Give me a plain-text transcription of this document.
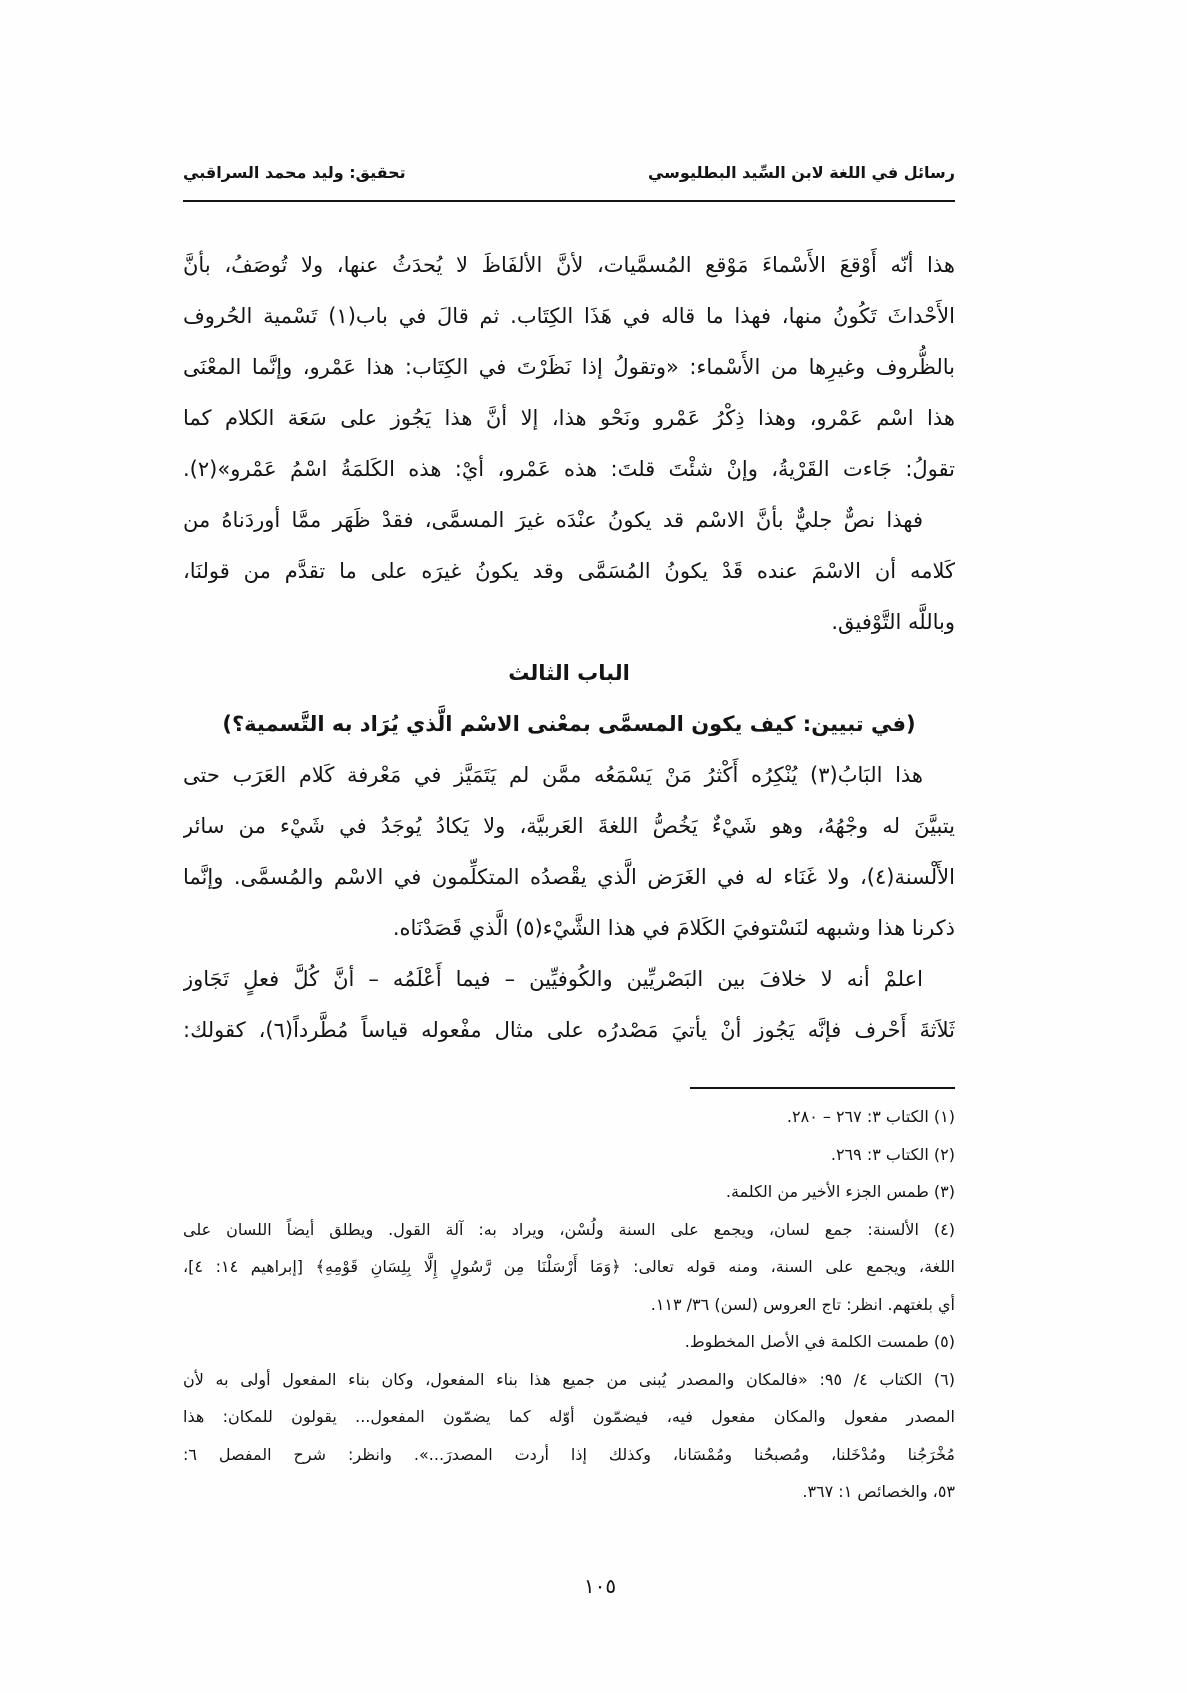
رسائل في اللغة لابن السِّيد البطليوسي
تحقيق: وليد محمد السراقبي
هذا أنّه أَوْقعَ الأَسْماءَ مَوْقع المُسمَّيات، لأنَّ الألفَاظَ لا يُحدَثُ عنها، ولا تُوصَفُ، بأنَّ
الأَحْداثَ تَكُونُ منها، فهذا ما قاله في هَذَا الكِتَاب. ثم قالَ في باب(١) تَسْمية الحُروف
بالظُّروف وغيرِها من الأَسْماء: «وتقولُ إذا نَظَرْتَ في الكِتَاب: هذا عَمْرو، وإنَّما المعْنَى
هذا اسْم عَمْرو، وهذا ذِكْرُ عَمْرو ونَحْو هذا، إلا أنَّ هذا يَجُوز على سَعَة الكلام كما
تقولُ: جَاءت القَرْيةُ، وإنْ شئْتَ قلتَ: هذه عَمْرو، أيْ: هذه الكَلمَةُ اسْمُ عَمْرو»(٢).
فهذا نصٌّ جليٌّ بأنَّ الاسْم قد يكونُ عنْدَه غيرَ المسمَّى، فقدْ ظَهَر ممَّا أوردَناهُ من
كَلامه أن الاسْمَ عنده قَدْ يكونُ المُسَمَّى وقد يكونُ غيرَه على ما تقدَّم من قولنَا،
وباللَّه التَّوْفيق.
الباب الثالث
(في تبيين: كيف يكون المسمَّى بمعْنى الاسْم الَّذي يُرَاد به التَّسمية؟)
هذا البَابُ(٣) يُنْكِرُه أَكْثرُ مَنْ يَسْمَعُه ممَّن لم يَتَمَيَّز في مَعْرفة كَلام العَرَب حتى
يتبيَّنَ له وجْهُهُ، وهو شَيْءٌ يَخُصُّ اللغةَ العَربيَّة، ولا يَكادُ يُوجَدُ في شَيْء من سائر
الأَلْسنة(٤)، ولا غَنَاء له في الغَرَض الَّذي يقْصدُه المتكلِّمون في الاسْم والمُسمَّى. وإنَّما
ذكرنا هذا وشبهه لنَسْتوفيَ الكَلامَ في هذا الشَّيْء(٥) الَّذي قَصَدْنَاه.
اعلمْ أنه لا خلافَ بين البَصْريِّين والكُوفيِّين – فيما أَعْلَمُه – أنَّ كُلَّ فعلٍ تَجَاوز
ثَلاَثةَ أَحْرف فإنَّه يَجُوز أنْ يأتيَ مَصْدرُه على مثال مفْعوله قياساً مُطَّرداً(٦)، كقولك:
(١) الكتاب ٣: ٢٦٧ – ٢٨٠.
(٢) الكتاب ٣: ٢٦٩.
(٣) طمس الجزء الأخير من الكلمة.
(٤) الألسنة: جمع لسان، ويجمع على السنة ولُسْن، ويراد به: آلة القول. ويطلق أيضاً اللسان على
اللغة، ويجمع على السنة، ومنه قوله تعالى: ﴿وَمَا أَرْسَلْنَا مِن رَّسُولٍ إِلَّا بِلِسَانِ قَوْمِهِ﴾ [إبراهيم ١٤: ٤]،
أي بلغتهم. انظر: تاج العروس (لسن) ٣٦/ ١١٣.
(٥) طمست الكلمة في الأصل المخطوط.
(٦) الكتاب ٤/ ٩٥: «فالمكان والمصدر يُبنى من جميع هذا بناء المفعول، وكان بناء المفعول أولى به لأن
المصدر مفعول والمكان مفعول فيه، فيضمّون أوّله كما يضمّون المفعول... يقولون للمكان: هذا
مُخْرَجُنا ومُدْخَلنا، ومُصبحُنا ومُمْسَانا، وكذلك إذا أردت المصدرَ...». وانظر: شرح المفصل ٦:
٥٣، والخصائص ١: ٣٦٧.
١٠٥
